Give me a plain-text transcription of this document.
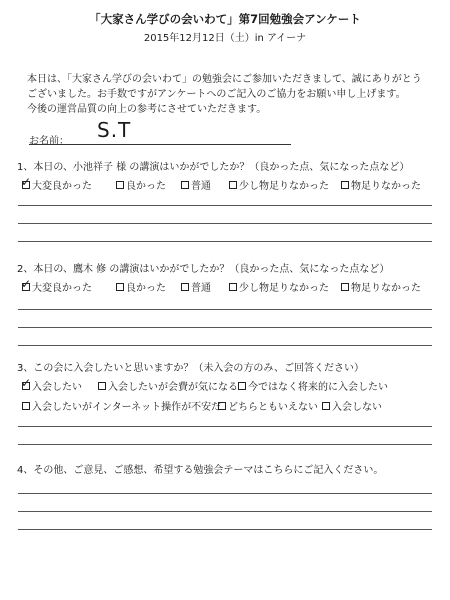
「大家さん学びの会いわて」第7回勉強会アンケート
2015年12月12日（土）in アイーナ
本日は、「大家さん学びの会いわて」の勉強会にご参加いただきまして、誠にありがとう
ございました。お手数ですがアンケートへのご記入のご協力をお願い申し上げます。
今後の運営品質の向上の参考にさせていただきます。
お名前： S.T
1、本日の、小池祥子 様 の講演はいかがでしたか？（良かった点、気になった点など）
✓ 大変良かった	良かった	普通	少し物足りなかった 物足りなかった
2、本日の、鷹木 修 の講演はいかがでしたか？（良かった点、気になった点など）
✓ 大変良かった	良かった	普通	少し物足りなかった 物足りなかった
3、この会に入会したいと思いますか？（未入会の方のみ、ご回答ください）
✓ 入会したい	入会したいが会費が気になる 今ではなく将来的に入会したい
入会したいがインターネット操作が不安だ どちらともいえない 入会しない
4、その他、ご意見、ご感想、希望する勉強会テーマはこちらにご記入ください。
